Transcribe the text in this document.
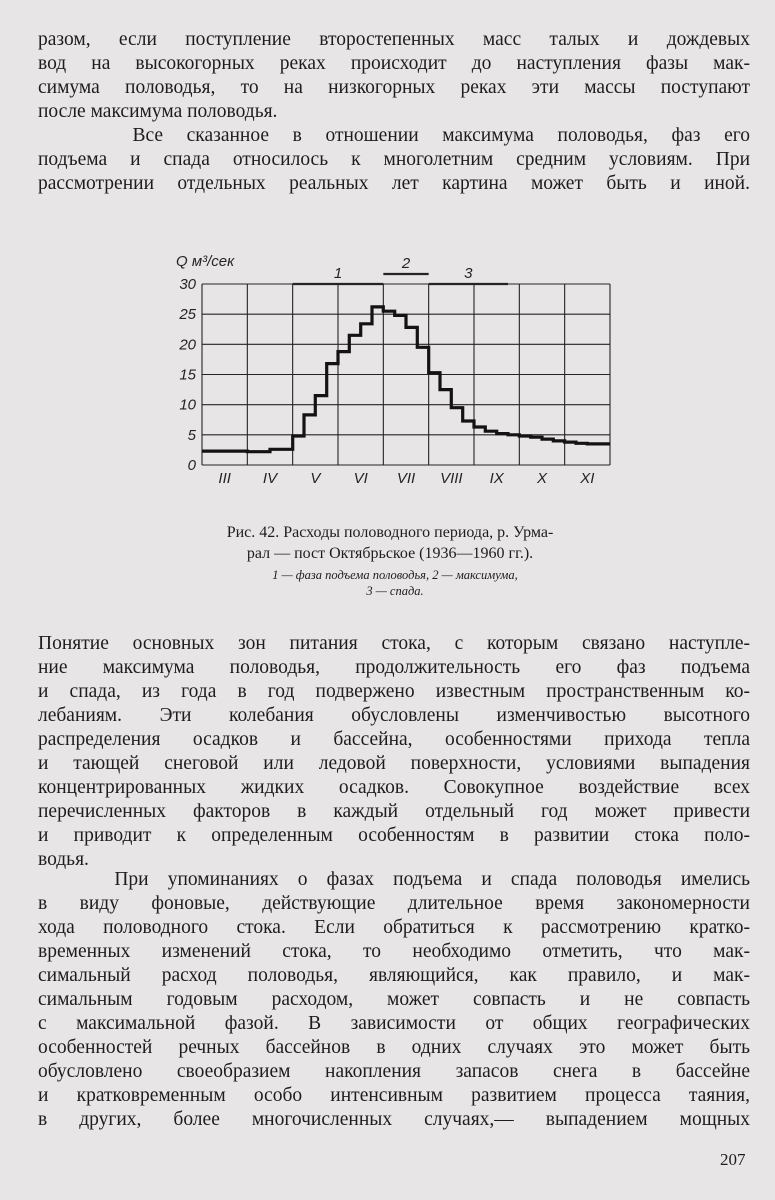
разом, если поступление второстепенных масс талых и дождевых
вод на высокогорных реках происходит до наступления фазы мак-
симума половодья, то на низкогорных реках эти массы поступают
после максимума половодья.
Все сказанное в отношении максимума половодья, фаз его
подъема и спада относилось к многолетним средним условиям. При
рассмотрении отдельных реальных лет картина может быть и иной.
0
5
10
15
20
25
30
III IV V VI VII VIII IX X XI
Q м³/сек
1
2
3
Рис. 42. Расходы половодного периода, р. Урма-
рал — пост Октябрьское (1936—1960 гг.).
1 — фаза подъема половодья, 2 — максимума,
3 — спада.
Понятие основных зон питания стока, с которым связано наступле-
ние максимума половодья, продолжительность его фаз подъема
и спада, из года в год подвержено известным пространственным ко-
лебаниям. Эти колебания обусловлены изменчивостью высотного
распределения осадков и бассейна, особенностями прихода тепла
и тающей снеговой или ледовой поверхности, условиями выпадения
концентрированных жидких осадков. Совокупное воздействие всех
перечисленных факторов в каждый отдельный год может привести
и приводит к определенным особенностям в развитии стока поло-
водья.
При упоминаниях о фазах подъема и спада половодья имелись
в виду фоновые, действующие длительное время закономерности
хода половодного стока. Если обратиться к рассмотрению кратко-
временных изменений стока, то необходимо отметить, что мак-
симальный расход половодья, являющийся, как правило, и мак-
симальным годовым расходом, может совпасть и не совпасть
с максимальной фазой. В зависимости от общих географических
особенностей речных бассейнов в одних случаях это может быть
обусловлено своеобразием накопления запасов снега в бассейне
и кратковременным особо интенсивным развитием процесса таяния,
в других, более многочисленных случаях,— выпадением мощных
207
